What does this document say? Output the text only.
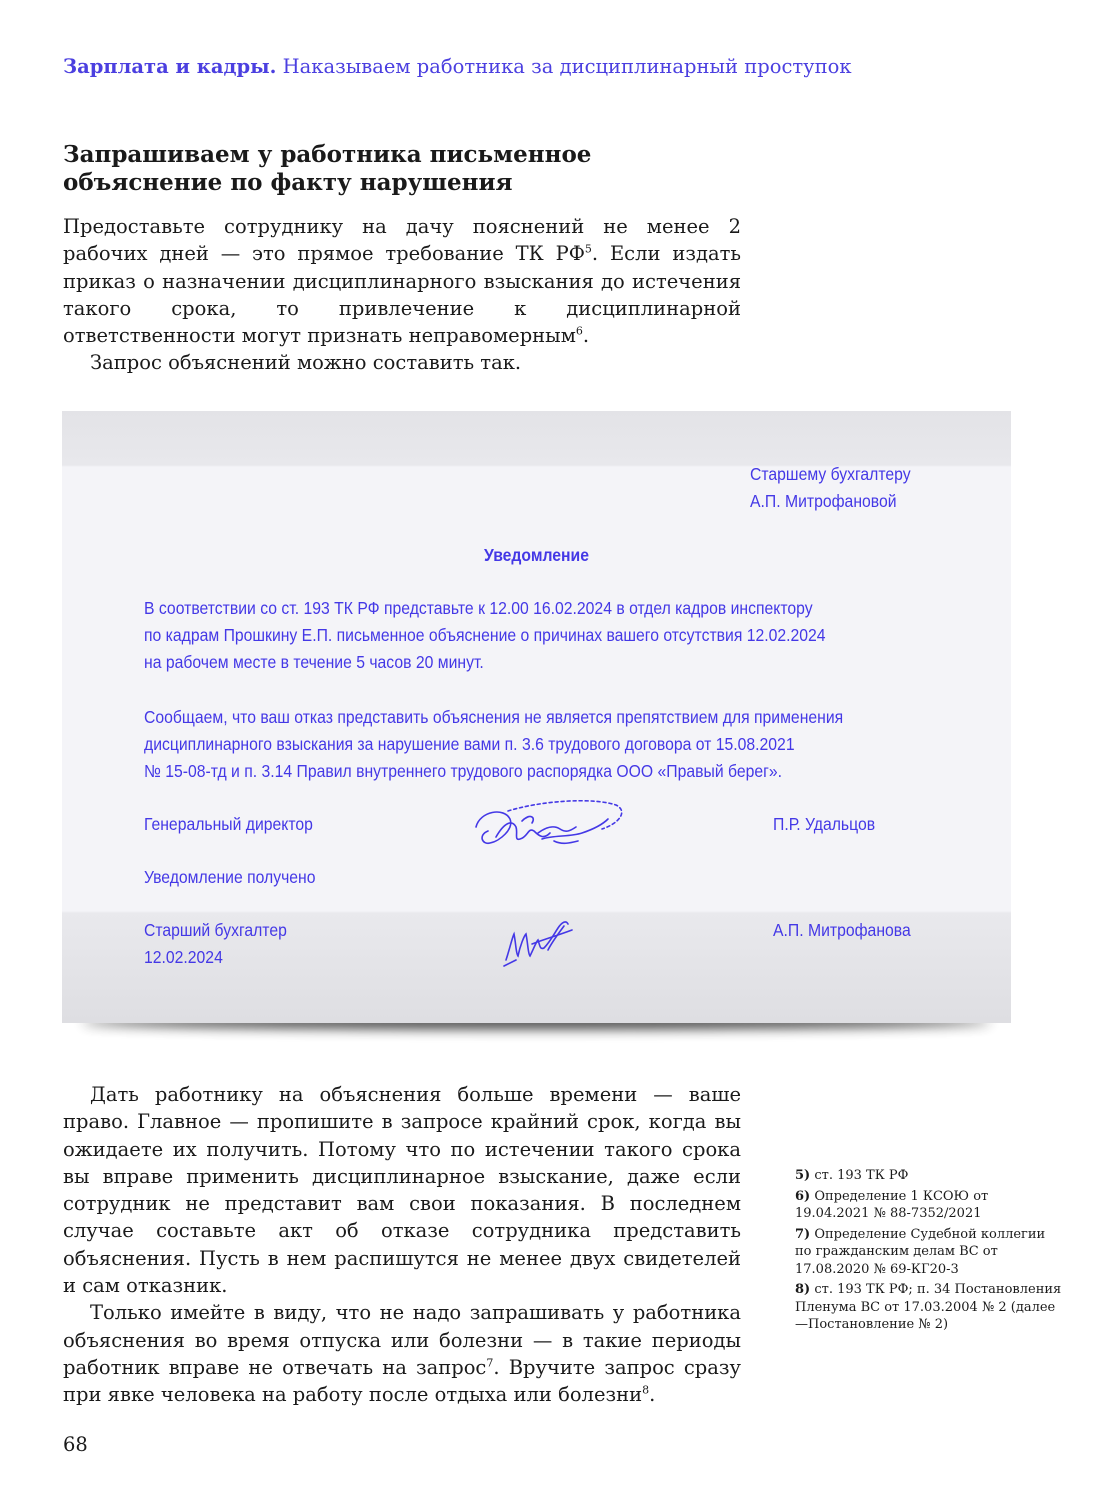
Зарплата и кадры. Наказываем работника за дисциплинарный проступок
Запрашиваем у работника письменное
объяснение по факту нарушения

Предоставьте сотруднику на дачу пояснений не менее 2 рабочих дней — это прямое требование ТК $РФ^5$. Если издать приказ о назначении дисциплинарного взыскания до истечения такого срока, то привлечение к дисциплинарной ответственности могут признать неправомерным$^6$.

Запрос объяснений можно составить так.

Старшему бухгалтеру
А.П. Митрофановой
Уведомление
В соответствии со ст. 193 ТК РФ представьте к 12.00 16.02.2024 в отдел кадров инспектору
по кадрам Прошкину Е.П. письменное объяснение о причинах вашего отсутствия 12.02.2024
на рабочем месте в течение 5 часов 20 минут.
Сообщаем, что ваш отказ представить объяснения не является препятствием для применения
дисциплинарного взыскания за нарушение вами п. 3.6 трудового договора от 15.08.2021
№ 15-08-тд и п. 3.14 Правил внутреннего трудового распорядка ООО «Правый берег».
Генеральный директор	П.Р. Удальцов
Уведомление получено
Старший бухгалтер
12.02.2024
А.П. Митрофанова

Дать работнику на объяснения больше времени — ваше право. Главное — пропишите в запросе крайний срок, когда вы ожидаете их получить. Потому что по истечении такого срока вы вправе применить дисциплинарное взыскание, даже если сотрудник не представит вам свои показания. В последнем случае составьте акт об отказе сотрудника представить объяснения. Пусть в нем распишутся не менее двух свидетелей и сам отказник.

Только имейте в виду, что не надо запрашивать у работника объяснения во время отпуска или болезни — в такие периоды работник вправе не отвечать на запрос$^7$. Вручите запрос сразу при явке человека на работу после отдыха или болезни$^8$.

5) ст. 193 ТК РФ

6) Определение 1 КСОЮ от 19.04.2021 № 88-7352/2021

7) Определение Судебной коллегии по гражданским делам ВС от 17.08.2020 № 69-КГ20-3

8) ст. 193 ТК РФ; п. 34 Постановления Пленума ВС от 17.03.2004 № 2 (далее —Постановление № 2)

68
